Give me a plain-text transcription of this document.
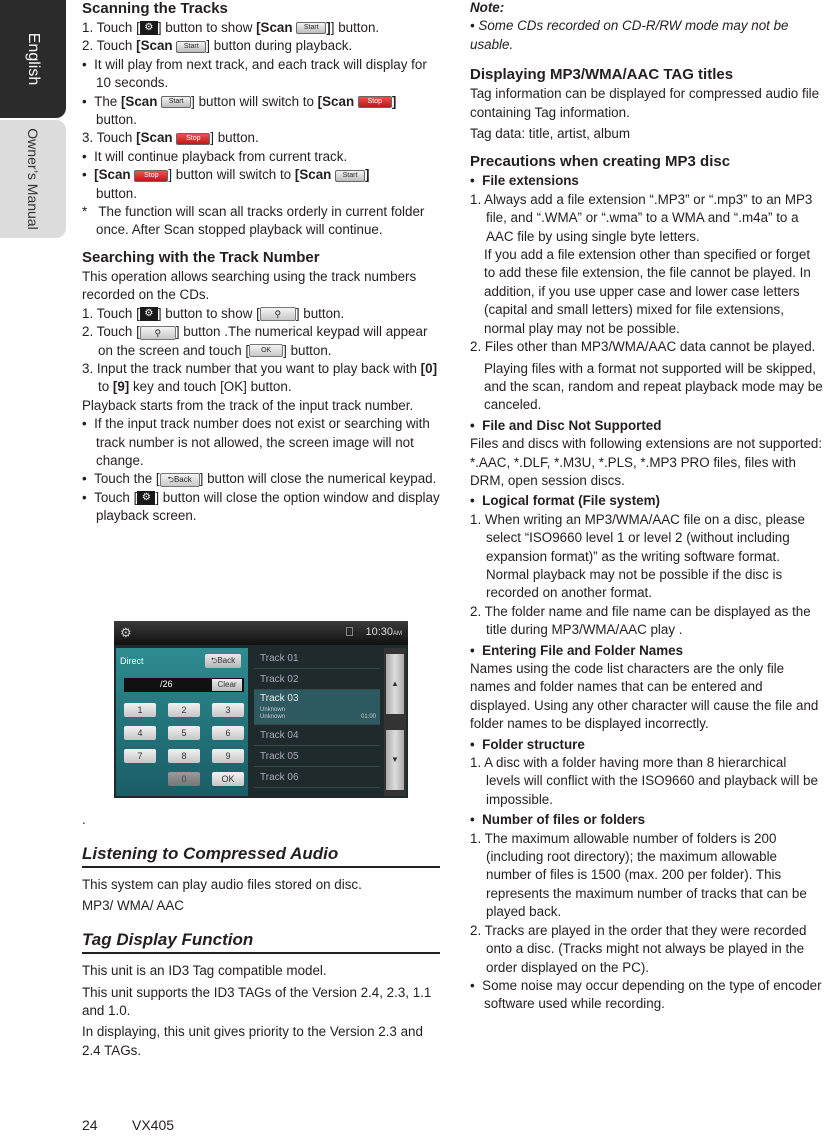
English
Owner’s Manual
Scanning the Tracks

1. Touch [ ⚙ ] button to show [Scan Start ]] button.

2. Touch [Scan Start ] button during playback.

•  It will play from next track, and each track will display for 10 seconds.

•  The [Scan Start ] button will switch to [Scan Stop ]
button.

3. Touch [Scan Stop ] button.

•  It will continue playback from current track.

•  [Scan Stop ] button will switch to [Scan Start ]
button.

*   The function will scan all tracks orderly in current folder once. After Scan stopped playback will continue.

Searching with the Track Number

This operation allows searching using the track numbers recorded on the CDs.

1. Touch [ ⚙ ] button to show [ ⚲ ] button.

2. Touch [ ⚲ ] button .The numerical keypad will appear on the screen and touch [ OK ] button.

3. Input the track number that you want to play back with [0] to [9] key and touch [OK] button.

Playback starts from the track of the input track number.

•  If the input track number does not exist or searching with track number is not allowed, the screen image will not change.

•  Touch the [ ⮌Back ] button will close the numerical keypad.

•  Touch [ ⚙ ] button will close the option window and display playback screen.

⚙	10:30AM
Direct	⮌Back
/26	Clear
1	2	3
4	5	6
7	8	9
0	OK
Track 01
Track 02
Track 03
Unknown
Unknown	01:00
Track 04
Track 05
Track 06
▲
▼

.

Listening to Compressed Audio

This system can play audio files stored on disc.

MP3/ WMA/ AAC

Tag Display Function

This unit is an ID3 Tag compatible model.

This unit supports the ID3 TAGs of the Version 2.4, 2.3, 1.1 and 1.0.

In displaying, this unit gives priority to the Version 2.3 and 2.4 TAGs.

Note:

• Some CDs recorded on CD-R/RW mode may not be usable.

Displaying MP3/WMA/AAC TAG titles

Tag information can be displayed for compressed audio file containing Tag information.

Tag data: title, artist, album

Precautions when creating MP3 disc

•  File extensions

1. Always add a file extension “.MP3” or “.mp3” to an MP3 file, and “.WMA” or “.wma” to a WMA and “.m4a” to a AAC file by using single byte letters.

If you add a file extension other than specified or forget to add these file extension, the file cannot be played. In addition, if you use upper case and lower case letters (capital and small letters) mixed for file extensions, normal play may not be possible.

2. Files other than MP3/WMA/AAC data cannot be played.

Playing files with a format not supported will be skipped, and the scan, random and repeat playback mode may be canceled.

•  File and Disc Not Supported

Files and discs with following extensions are not supported: *.AAC, *.DLF, *.M3U, *.PLS, *.MP3 PRO files, files with DRM, open session discs.

•  Logical format (File system)

1. When writing an MP3/WMA/AAC file on a disc, please select “ISO9660 level 1 or level 2 (without including expansion format)” as the writing software format. Normal playback may not be possible if the disc is recorded on another format.

2. The folder name and file name can be displayed as the title during MP3/WMA/AAC play .

•  Entering File and Folder Names

Names using the code list characters are the only file names and folder names that can be entered and displayed. Using any other character will cause the file and folder names to be displayed incorrectly.

•  Folder structure

1. A disc with a folder having more than 8 hierarchical levels will conflict with the ISO9660 and playback will be impossible.

•  Number of files or folders

1. The maximum allowable number of folders is 200 (including root directory); the maximum allowable number of files is 1500 (max. 200 per folder). This represents the maximum number of tracks that can be played back.

2. Tracks are played in the order that they were recorded onto a disc. (Tracks might not always be played in the order displayed on the PC).

•  Some noise may occur depending on the type of encoder software used while recording.

24 VX405
